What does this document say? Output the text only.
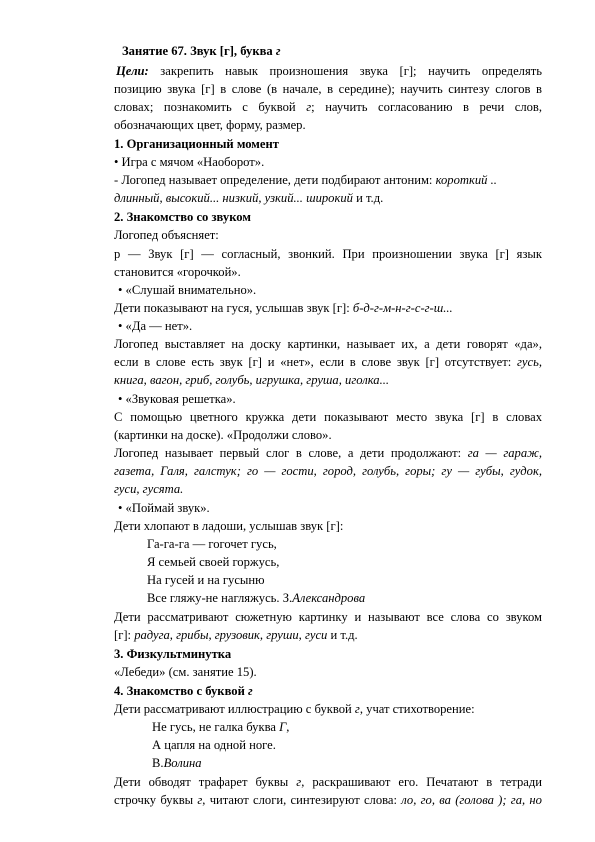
Занятие 67. Звук [г], буква г
Цели: закрепить навык произношения звука [г]; научить определять
позицию звука [г] в слове (в начале, в середине); научить синтезу слогов в
словах; познакомить с буквой г; научить согласованию в речи слов,
обозначающих цвет, форму, размер.
1. Организационный момент
• Игра с мячом «Наоборот».
- Логопед называет определение, дети подбирают антоним: короткий ..
длинный, высокий... низкий, узкий... широкий и т.д.
2. Знакомство со звуком
Логопед объясняет:
р — Звук [г] — согласный, звонкий. При произношении звука [г] язык
становится «горочкой».
• «Слушай внимательно».
Дети показывают на гуся, услышав звук [г]: б-д-г-м-н-г-с-г-ш...
• «Да — нет».
Логопед выставляет на доску картинки, называет их, а дети говорят «да»,
если в слове есть звук [г] и «нет», если в слове звук [г] отсутствует: гусь,
книга, вагон, гриб, голубь, игрушка, груша, иголка...
• «Звуковая решетка».
С помощью цветного кружка дети показывают место звука [г] в словах
(картинки на доске). «Продолжи слово».
Логопед называет первый слог в слове, а дети продолжают: га — гараж,
газета, Галя, галстук; го — гости, город, голубь, горы; гу — губы, гудок,
гуси, гусята.
• «Поймай звук».
Дети хлопают в ладоши, услышав звук [г]:
Га-га-га — гогочет гусь,
Я семьей своей горжусь,
На гусей и на гусыню
Все гляжу-не нагляжусь. З.Александрова
Дети рассматривают сюжетную картинку и называют все слова со звуком
[г]: радуга, грибы, грузовик, груши, гуси и т.д.
3. Физкультминутка
«Лебеди» (см. занятие 15).
4. Знакомство с буквой г
Дети рассматривают иллюстрацию с буквой г, учат стихотворение:
Не гусь, не галка буква Г,
А цапля на одной ноге.
В.Волина
Дети обводят трафарет буквы г, раскрашивают его. Печатают в тетради
строчку буквы г, читают слоги, синтезируют слова: ло, го, ва (голова ); га, но
